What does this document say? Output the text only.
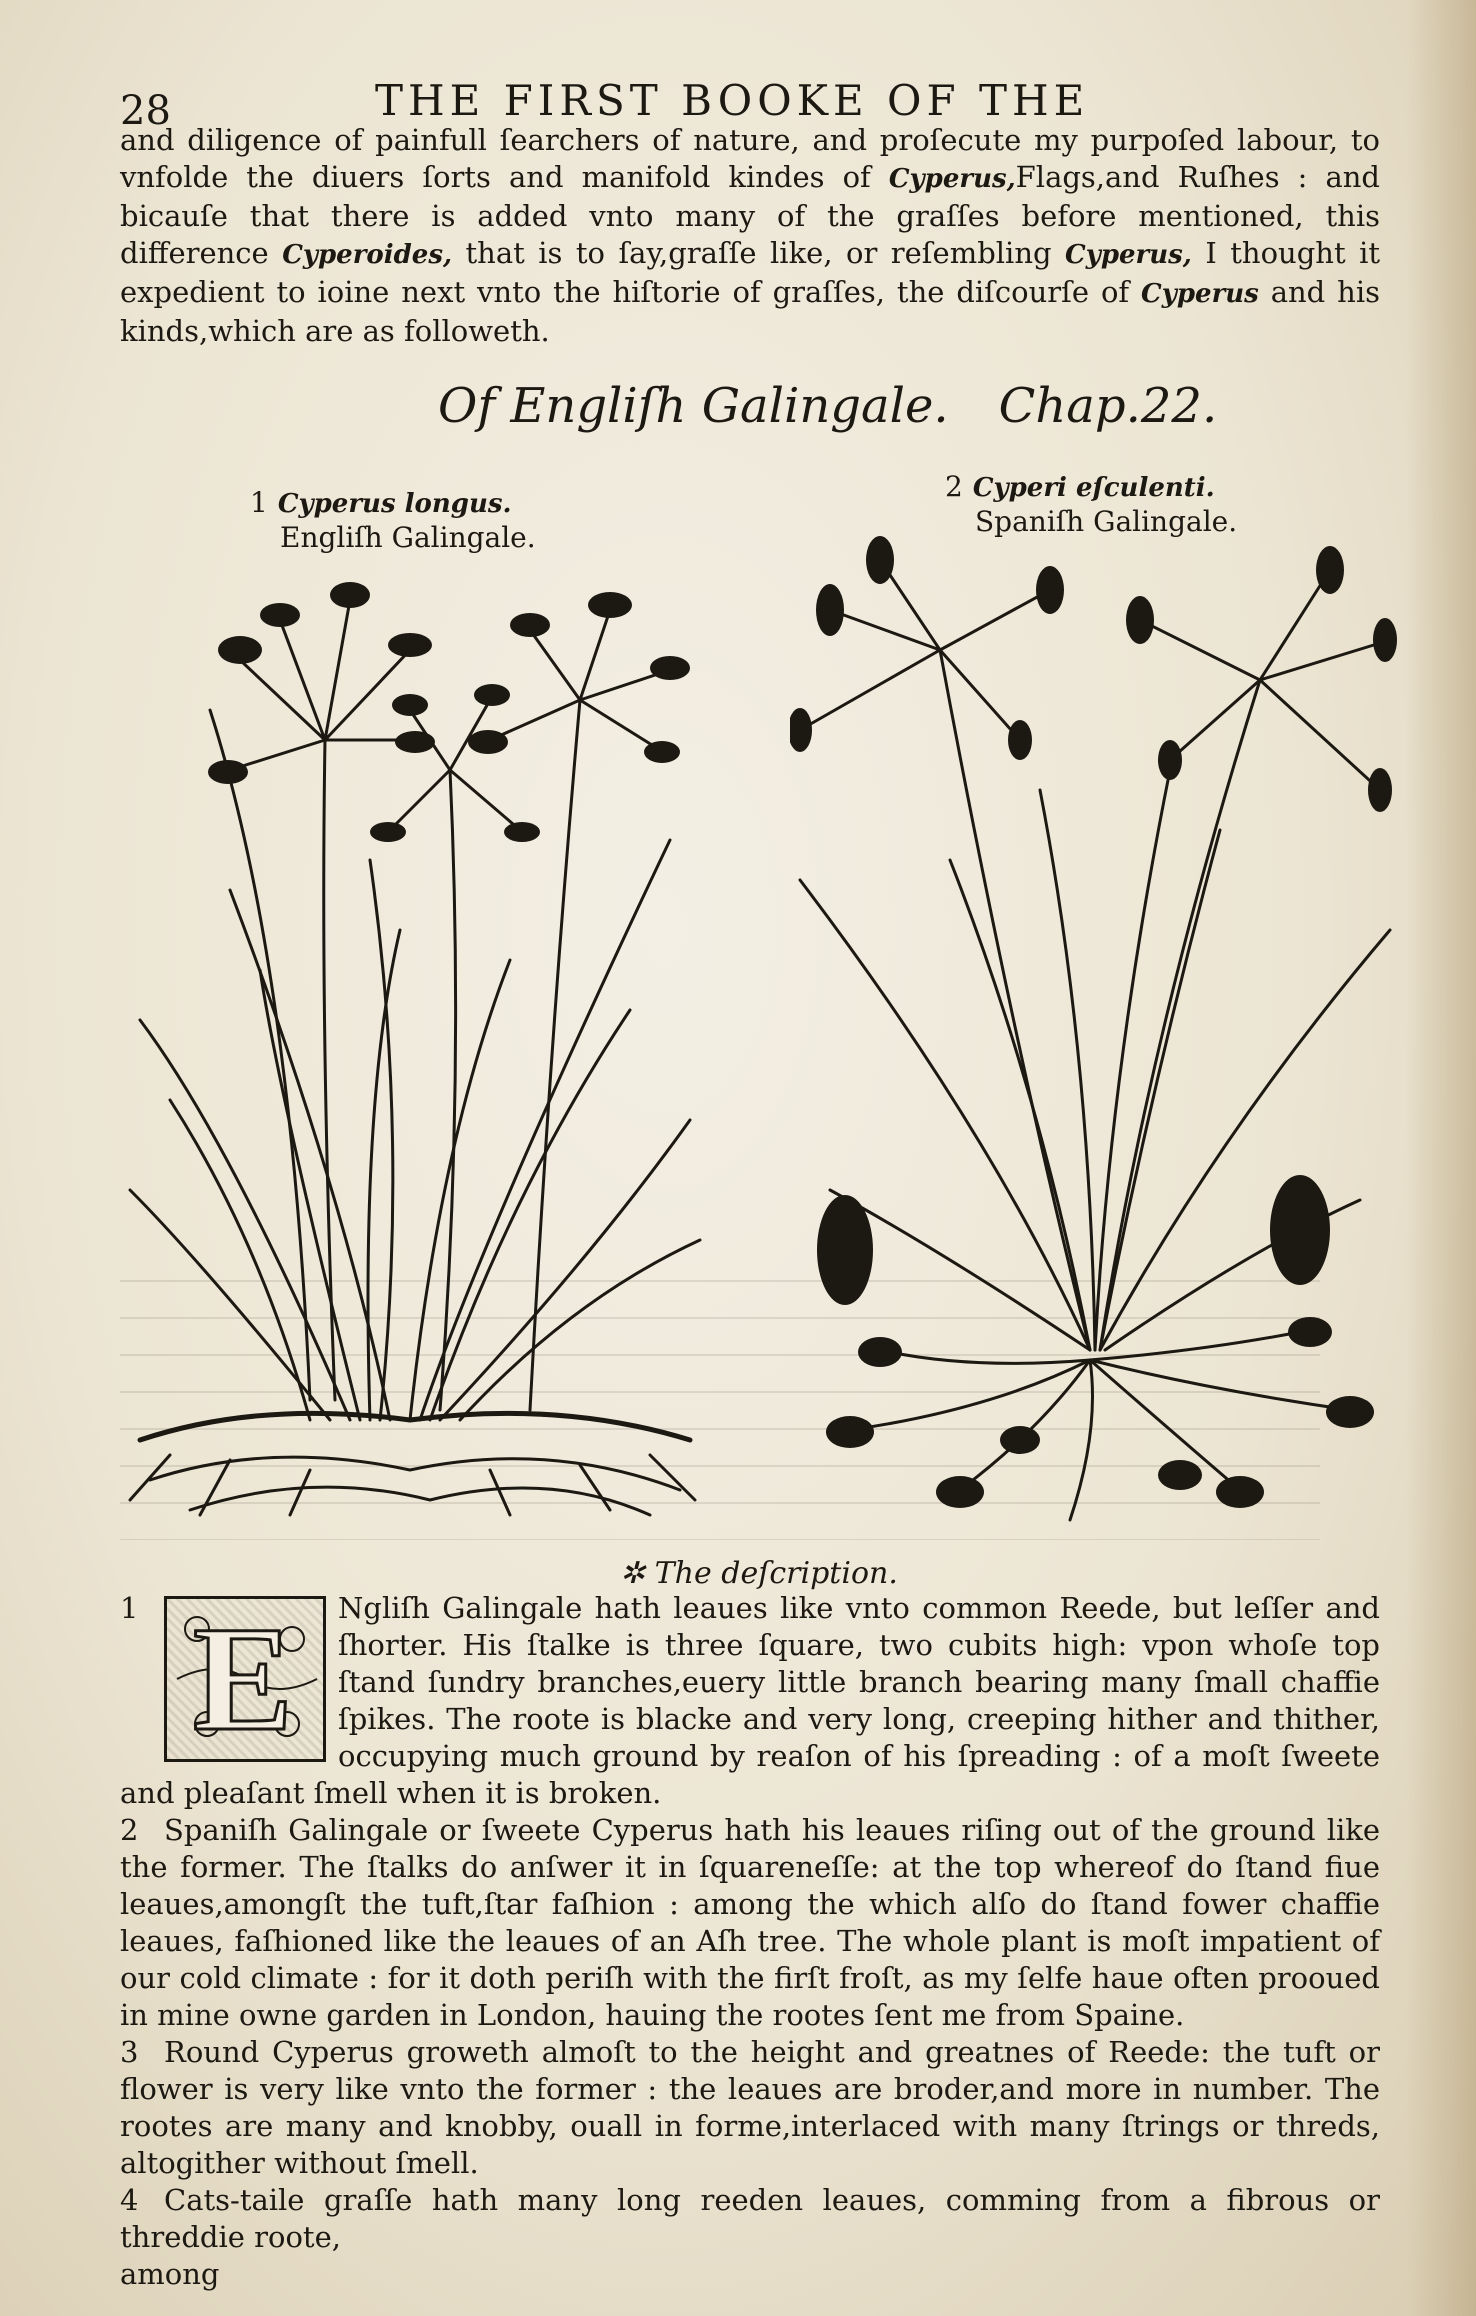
28	THE FIRST BOOKE OF THE

and diligence of painfull ſearchers of nature, and proſecute my purpoſed labour, to vnfolde the diuers ſorts and manifold kindes of Cyperus,Flags,and Ruſhes : and bicauſe that there is added vnto many of the graſſes before mentioned, this difference Cyperoides, that is to ſay,graſſe like, or reſembling Cyperus, I thought it expedient to ioine next vnto the hiſtorie of graſſes, the diſcourſe of Cyperus and his kinds,which are as followeth.

Of Engliſh Galingale. Chap.22.
1 Cyperus longus.
Engliſh Galingale.
2 Cyperi eſculenti.
Spaniſh Galingale.
✲ The deſcription.

1 E Ngliſh Galingale hath leaues like vnto common Reede, but leſſer and ſhorter. His ſtalke is three ſquare, two cubits high: vpon whoſe top ſtand ſundry branches,euery little branch bearing many ſmall chaffie ſpikes. The roote is blacke and very long, creeping hither and thither, occupying much ground by reaſon of his ſpreading : of a moſt ſweete and pleaſant ſmell when it is broken.

2 Spaniſh Galingale or ſweete Cyperus hath his leaues riſing out of the ground like the former. The ſtalks do anſwer it in ſquareneſſe: at the top whereof do ſtand fiue leaues,amongſt the tuft,ſtar faſhion : among the which alſo do ſtand fower chaffie leaues, faſhioned like the leaues of an Aſh tree. The whole plant is moſt impatient of our cold climate : for it doth periſh with the firſt froſt, as my ſelfe haue often prooued in mine owne garden in London, hauing the rootes ſent me from Spaine.

3 Round Cyperus groweth almoſt to the height and greatnes of Reede: the tuft or flower is very like vnto the former : the leaues are broder,and more in number. The rootes are many and knobby, ouall in forme,interlaced with many ſtrings or threds, altogither without ſmell.

4 Cats-taile graſſe hath many long reeden leaues, comming from a fibrous or threddie roote,

among
